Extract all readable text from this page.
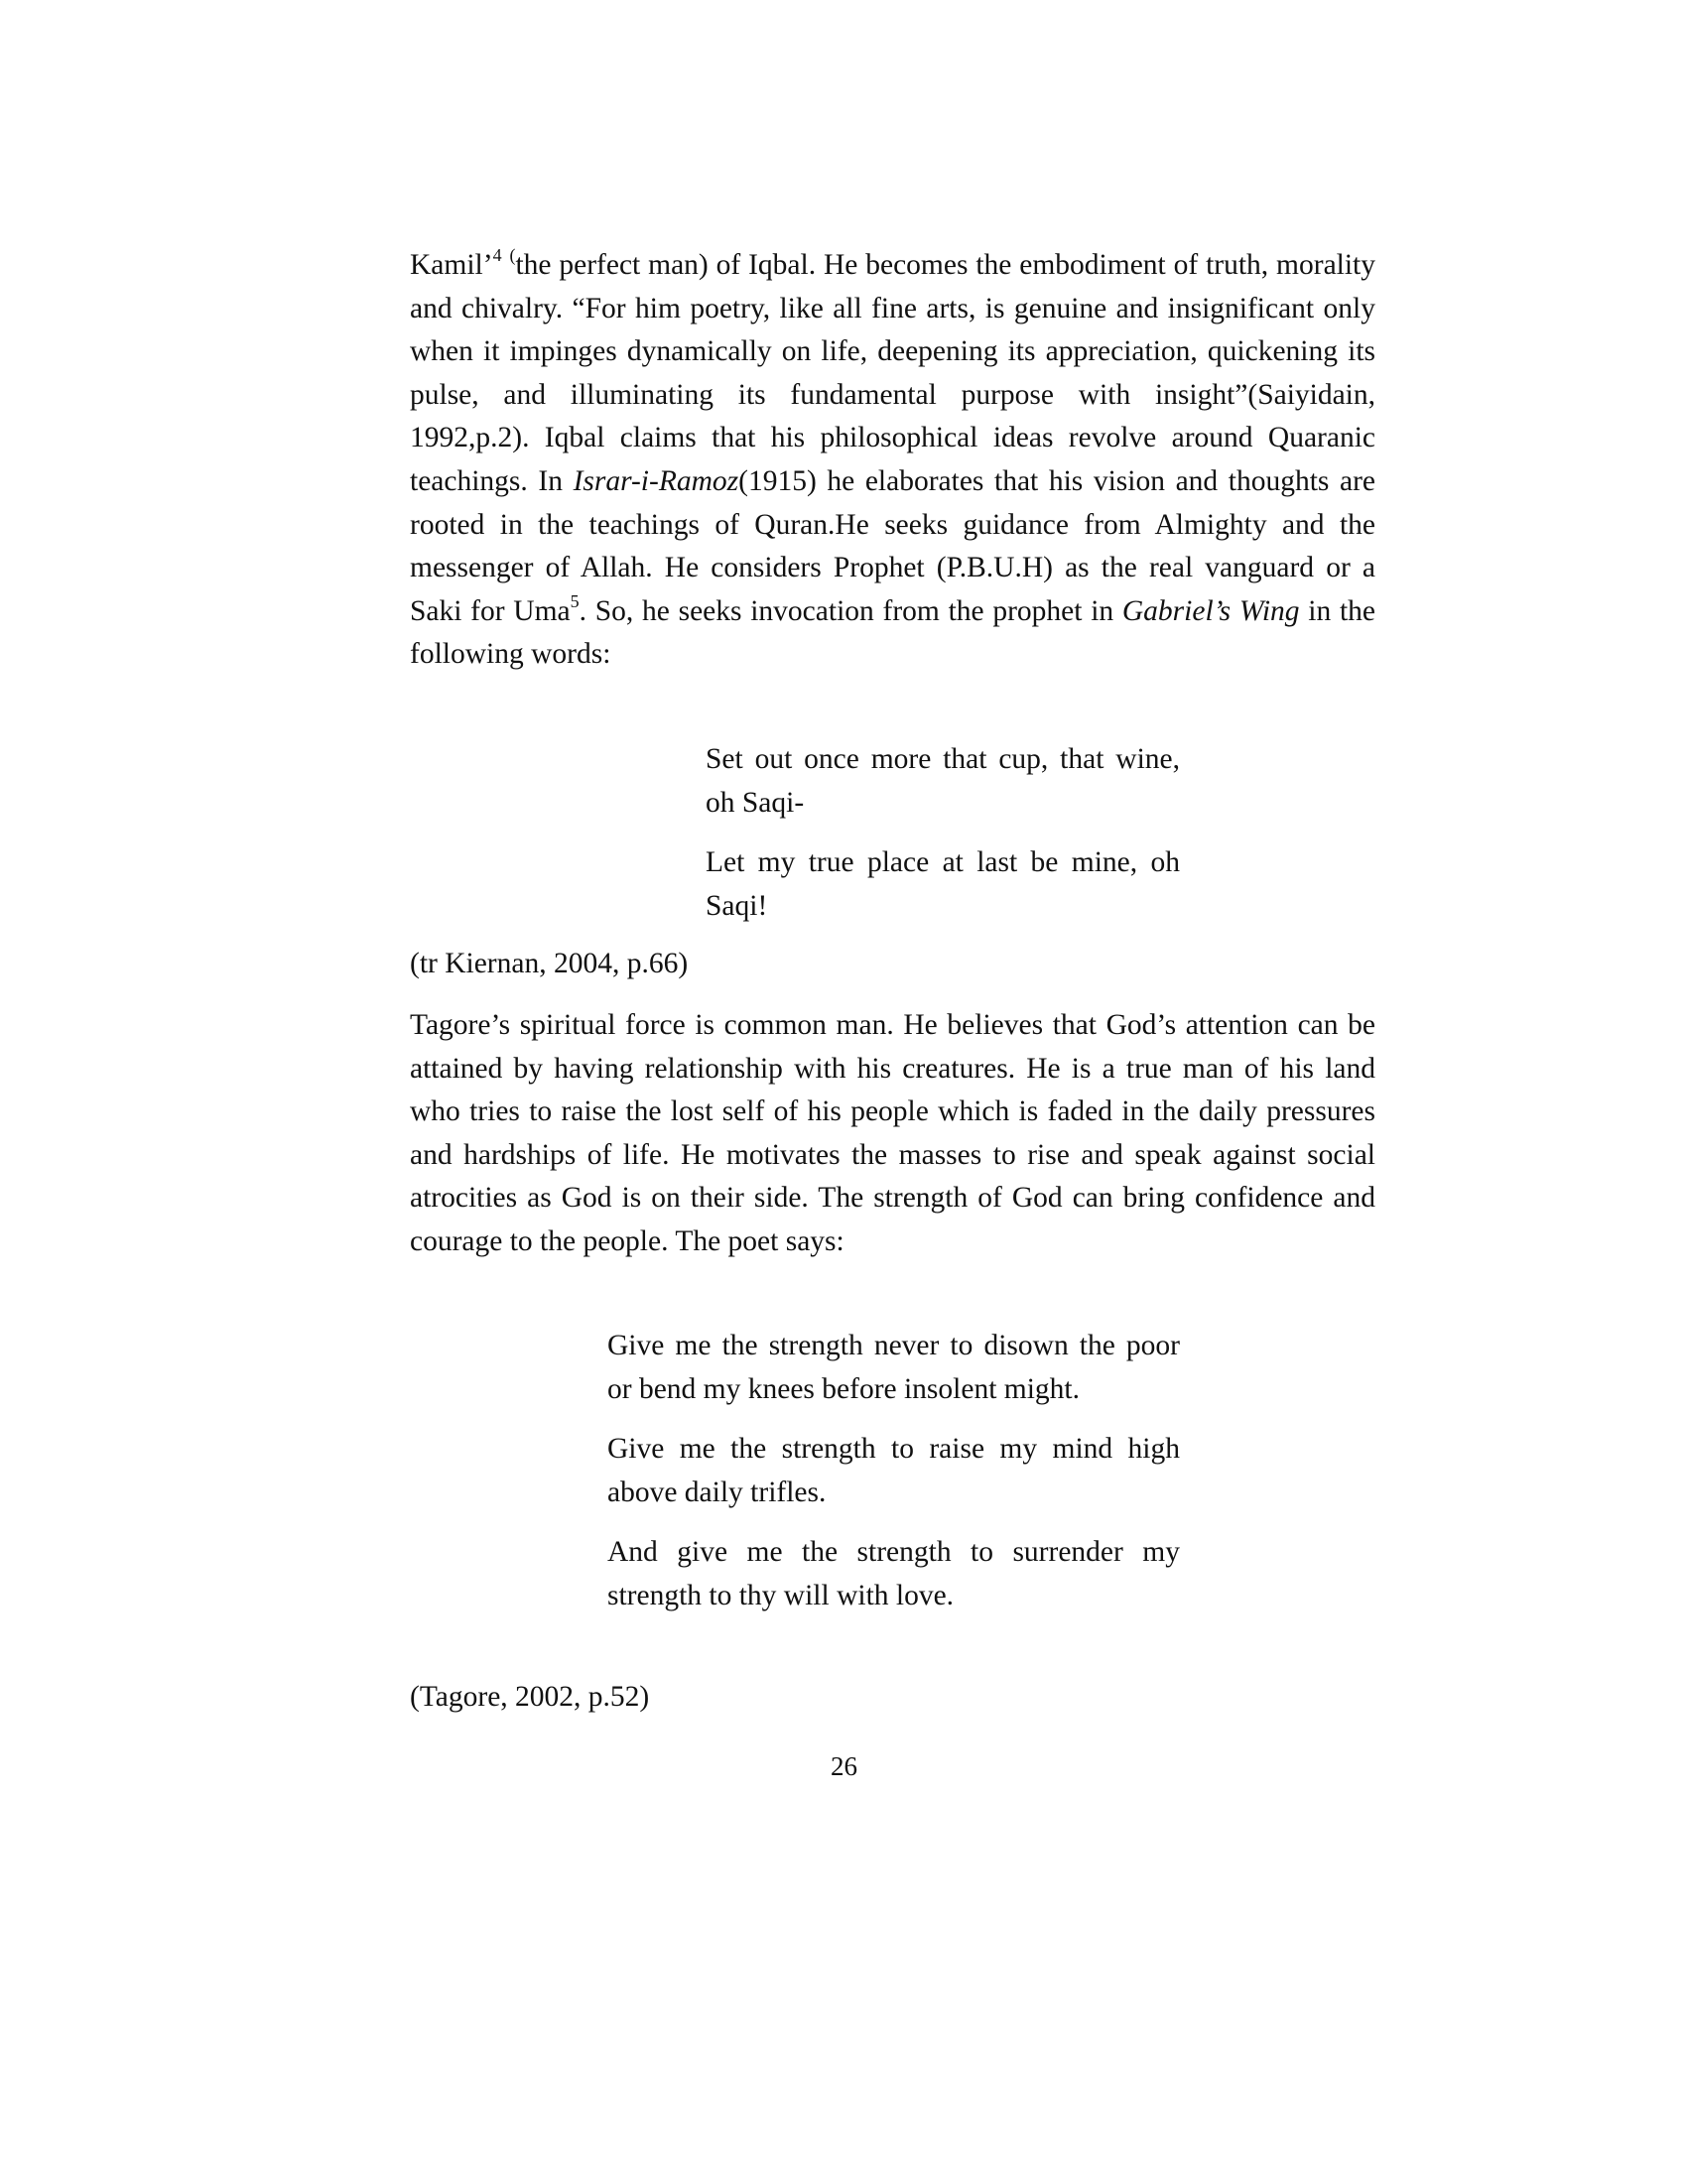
Kamil’$^4$ (the perfect man) of Iqbal. He becomes the embodiment of truth, morality and chivalry. “For him poetry, like all fine arts, is genuine and insignificant only when it impinges dynamically on life, deepening its appreciation, quickening its pulse, and illuminating its fundamental purpose with insight”(Saiyidain, 1992,p.2). Iqbal claims that his philosophical ideas revolve around Quaranic teachings. In Israr-i-Ramoz(1915) he elaborates that his vision and thoughts are rooted in the teachings of Quran.He seeks guidance from Almighty and the messenger of Allah. He considers Prophet (P.B.U.H) as the real vanguard or a Saki for Uma$^5$. So, he seeks invocation from the prophet in Gabriel’s Wing in the following words:

Set out once more that cup, that wine, oh Saqi-

Let my true place at last be mine, oh Saqi!

(tr Kiernan, 2004, p.66)

Tagore’s spiritual force is common man. He believes that God’s attention can be attained by having relationship with his creatures. He is a true man of his land who tries to raise the lost self of his people which is faded in the daily pressures and hardships of life. He motivates the masses to rise and speak against social atrocities as God is on their side. The strength of God can bring confidence and courage to the people. The poet says:

Give me the strength never to disown the poor or bend my knees before insolent might.

Give me the strength to raise my mind high above daily trifles.

And give me the strength to surrender my strength to thy will with love.

(Tagore, 2002, p.52)

26
